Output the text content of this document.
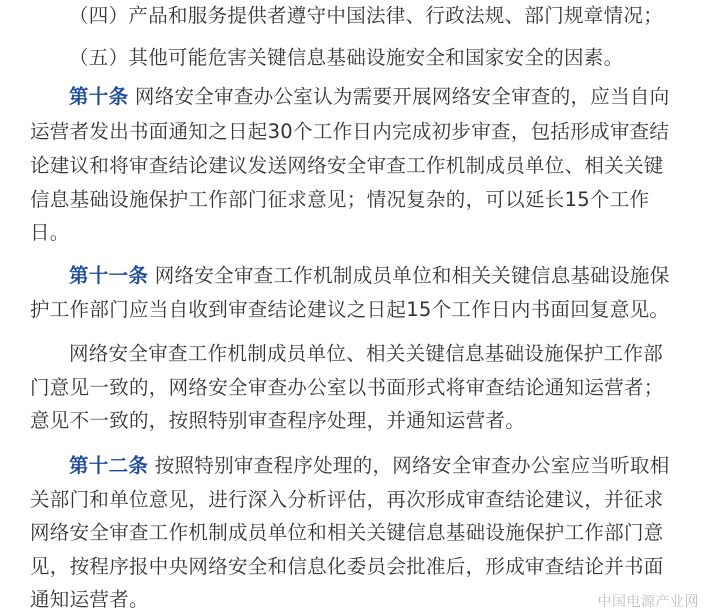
（四）产品和服务提供者遵守中国法律、行政法规、部门规章情况；
（五）其他可能危害关键信息基础设施安全和国家安全的因素。
第十条 网络安全审查办公室认为需要开展网络安全审查的，应当自向
运营者发出书面通知之日起30个工作日内完成初步审查，包括形成审查结
论建议和将审查结论建议发送网络安全审查工作机制成员单位、相关关键
信息基础设施保护工作部门征求意见；情况复杂的，可以延长15个工作
日。
第十一条 网络安全审查工作机制成员单位和相关关键信息基础设施保
护工作部门应当自收到审查结论建议之日起15个工作日内书面回复意见。
网络安全审查工作机制成员单位、相关关键信息基础设施保护工作部
门意见一致的，网络安全审查办公室以书面形式将审查结论通知运营者；
意见不一致的，按照特别审查程序处理，并通知运营者。
第十二条 按照特别审查程序处理的，网络安全审查办公室应当听取相
关部门和单位意见，进行深入分析评估，再次形成审查结论建议，并征求
网络安全审查工作机制成员单位和相关关键信息基础设施保护工作部门意
见，按程序报中央网络安全和信息化委员会批准后，形成审查结论并书面
通知运营者。	中国电源产业网
